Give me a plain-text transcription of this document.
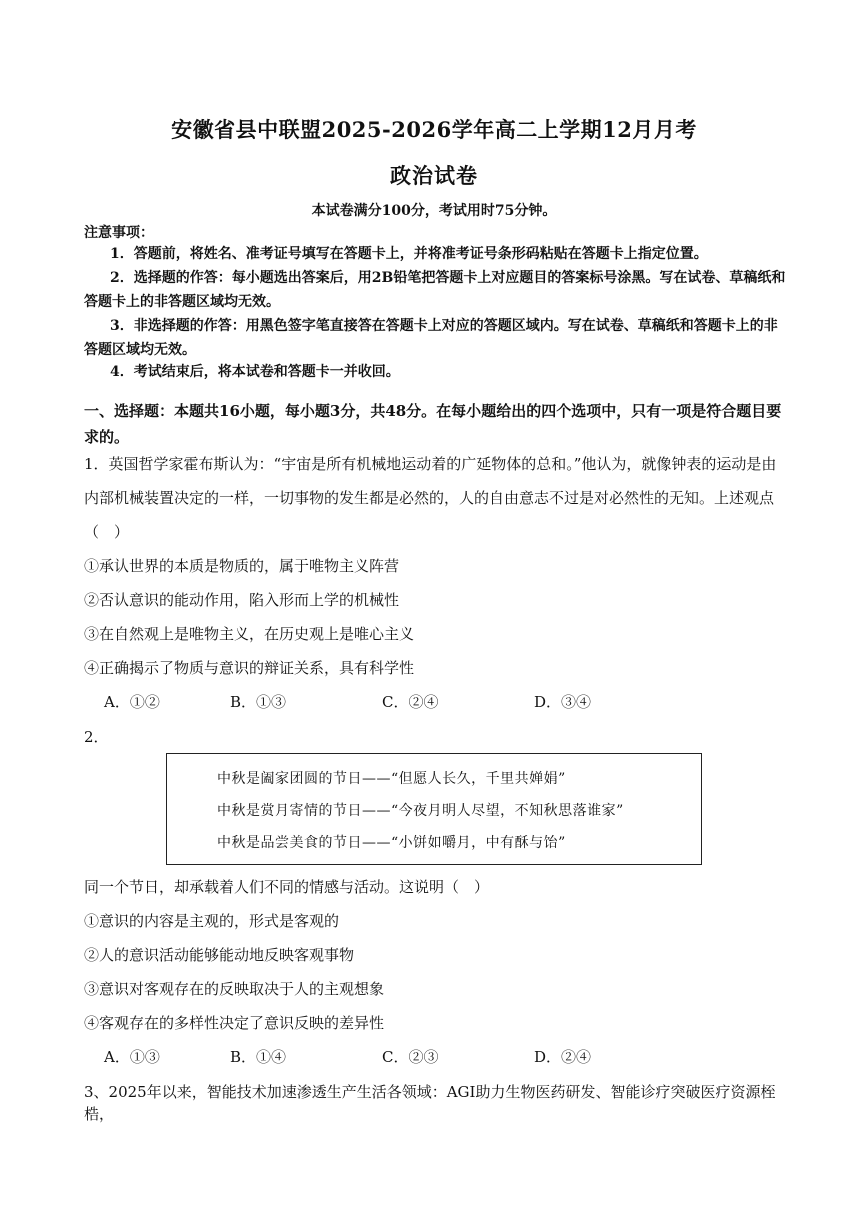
安徽省县中联盟2025-2026学年高二上学期12月月考
政治试卷
本试卷满分100分，考试用时75分钟。
注意事项：
1．答题前，将姓名、准考证号填写在答题卡上，并将准考证号条形码粘贴在答题卡上指定位置。
2．选择题的作答：每小题选出答案后，用2B铅笔把答题卡上对应题目的答案标号涂黑。写在试卷、草稿纸和答题卡上的非答题区域均无效。
3．非选择题的作答：用黑色签字笔直接答在答题卡上对应的答题区域内。写在试卷、草稿纸和答题卡上的非答题区域均无效。
4．考试结束后，将本试卷和答题卡一并收回。
一、选择题：本题共16小题，每小题3分，共48分。在每小题给出的四个选项中，只有一项是符合题目要求的。
1．英国哲学家霍布斯认为：“宇宙是所有机械地运动着的广延物体的总和。”他认为，就像钟表的运动是由内部机械装置决定的一样，一切事物的发生都是必然的，人的自由意志不过是对必然性的无知。上述观点（　）
①承认世界的本质是物质的，属于唯物主义阵营
②否认意识的能动作用，陷入形而上学的机械性
③在自然观上是唯物主义，在历史观上是唯心主义
④正确揭示了物质与意识的辩证关系，具有科学性
A．①②	B．①③	C．②④	D．③④
2．
中秋是阖家团圆的节日——“但愿人长久，千里共婵娟”
中秋是赏月寄情的节日——“今夜月明人尽望，不知秋思落谁家”
中秋是品尝美食的节日——“小饼如嚼月，中有酥与饴”
同一个节日，却承载着人们不同的情感与活动。这说明（　）
①意识的内容是主观的，形式是客观的
②人的意识活动能够能动地反映客观事物
③意识对客观存在的反映取决于人的主观想象
④客观存在的多样性决定了意识反映的差异性
A．①③	B．①④	C．②③	D．②④
3、2025年以来，智能技术加速渗透生产生活各领域：AGI助力生物医药研发、智能诊疗突破医疗资源桎梏，
